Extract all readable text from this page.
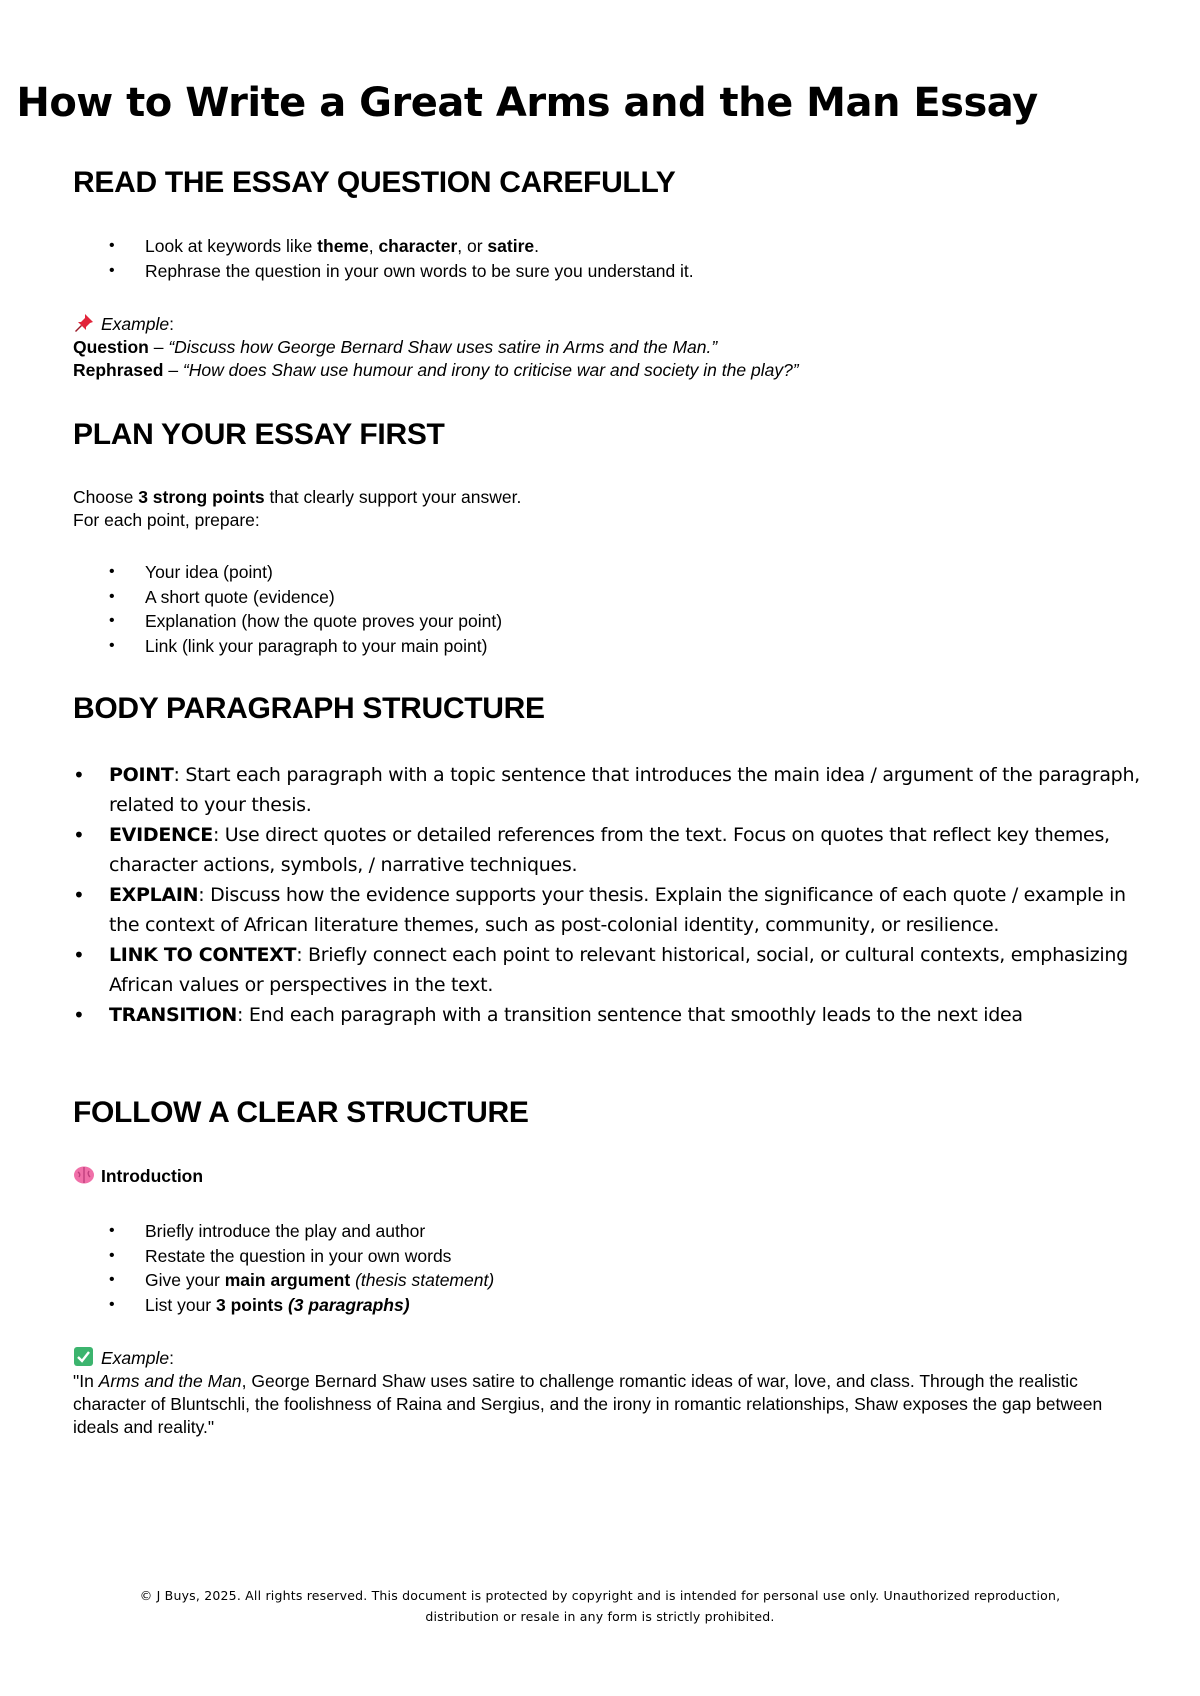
How to Write a Great Arms and the Man Essay
READ THE ESSAY QUESTION CAREFULLY
• Look at keywords like theme, character, or satire.
• Rephrase the question in your own words to be sure you understand it.
Example:
Question – “Discuss how George Bernard Shaw uses satire in Arms and the Man.”
Rephrased – “How does Shaw use humour and irony to criticise war and society in the play?”
PLAN YOUR ESSAY FIRST
Choose 3 strong points that clearly support your answer.
For each point, prepare:
• Your idea (point)
• A short quote (evidence)
• Explanation (how the quote proves your point)
• Link (link your paragraph to your main point)
BODY PARAGRAPH STRUCTURE
• POINT: Start each paragraph with a topic sentence that introduces the main idea / argument of the paragraph, related to your thesis.
• EVIDENCE: Use direct quotes or detailed references from the text. Focus on quotes that reflect key themes, character actions, symbols, / narrative techniques.
• EXPLAIN: Discuss how the evidence supports your thesis. Explain the significance of each quote / example in the context of African literature themes, such as post-colonial identity, community, or resilience.
• LINK TO CONTEXT: Briefly connect each point to relevant historical, social, or cultural contexts, emphasizing African values or perspectives in the text.
• TRANSITION: End each paragraph with a transition sentence that smoothly leads to the next idea
FOLLOW A CLEAR STRUCTURE
Introduction
• Briefly introduce the play and author
• Restate the question in your own words
• Give your main argument (thesis statement)
• List your 3 points (3 paragraphs)
Example:
"In Arms and the Man, George Bernard Shaw uses satire to challenge romantic ideas of war, love, and class. Through the realistic character of Bluntschli, the foolishness of Raina and Sergius, and the irony in romantic relationships, Shaw exposes the gap between ideals and reality."
© J Buys, 2025. All rights reserved. This document is protected by copyright and is intended for personal use only. Unauthorized reproduction,
distribution or resale in any form is strictly prohibited.
